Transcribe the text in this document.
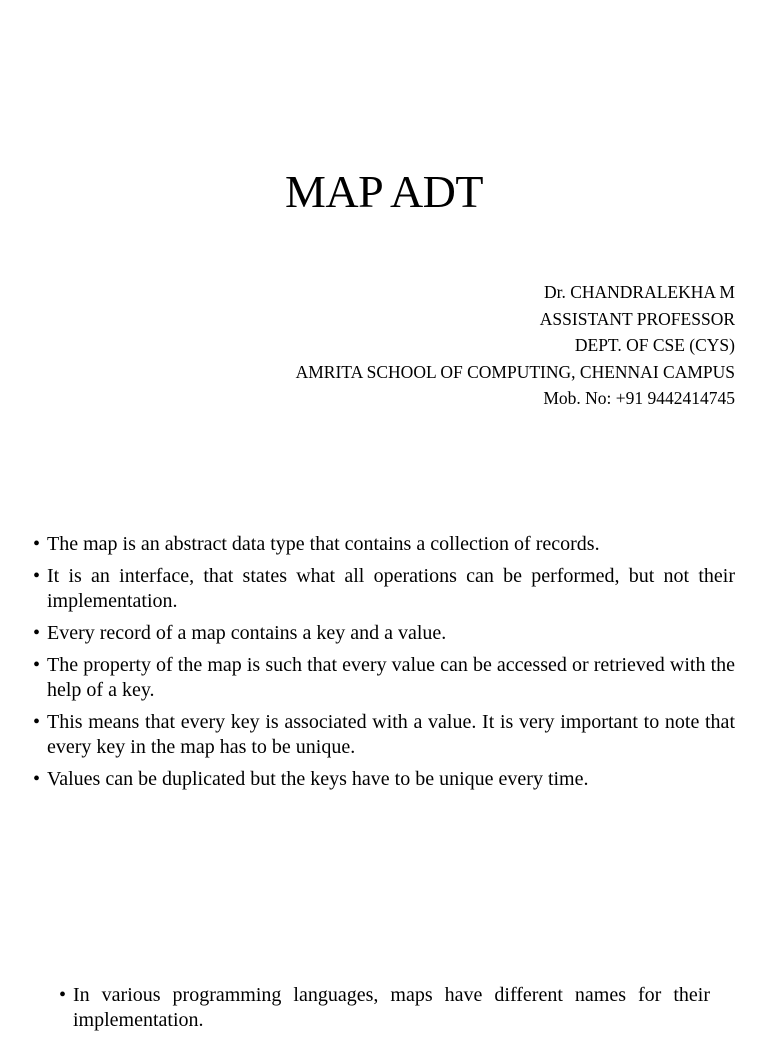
MAP ADT
Dr. CHANDRALEKHA M
ASSISTANT PROFESSOR
DEPT. OF CSE (CYS)
AMRITA SCHOOL OF COMPUTING, CHENNAI CAMPUS
Mob. No: +91 9442414745
• The map is an abstract data type that contains a collection of records.
• It is an interface, that states what all operations can be performed, but not their implementation.
• Every record of a map contains a key and a value.
• The property of the map is such that every value can be accessed or retrieved with the help of a key.
• This means that every key is associated with a value. It is very important to note that every key in the map has to be unique.
• Values can be duplicated but the keys have to be unique every time.
• In various programming languages, maps have different names for their implementation.
